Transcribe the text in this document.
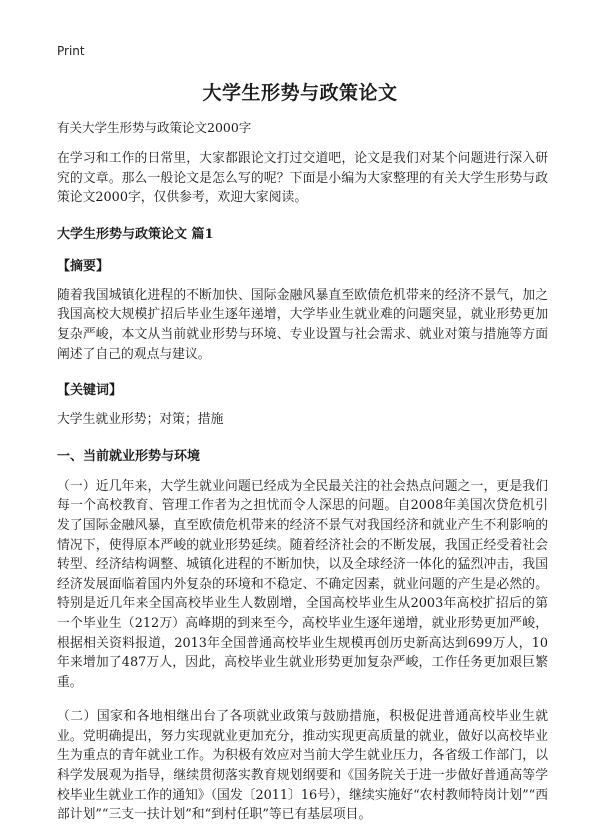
Print
大学生形势与政策论文
有关大学生形势与政策论文2000字

在学习和工作的日常里，大家都跟论文打过交道吧，论文是我们对某个问题进行深入研究的文章。那么一般论文是怎么写的呢？下面是小编为大家整理的有关大学生形势与政策论文2000字，仅供参考，欢迎大家阅读。

大学生形势与政策论文 篇1
【摘要】

随着我国城镇化进程的不断加快、国际金融风暴直至欧债危机带来的经济不景气，加之我国高校大规模扩招后毕业生逐年递增，大学毕业生就业难的问题突显，就业形势更加复杂严峻，本文从当前就业形势与环境、专业设置与社会需求、就业对策与措施等方面阐述了自己的观点与建议。

【关键词】

大学生就业形势；对策；措施

一、当前就业形势与环境

（一）近几年来，大学生就业问题已经成为全民最关注的社会热点问题之一，更是我们每一个高校教育、管理工作者为之担忧而令人深思的问题。自2008年美国次贷危机引发了国际金融风暴，直至欧债危机带来的经济不景气对我国经济和就业产生不利影响的情况下，使得原本严峻的就业形势延续。随着经济社会的不断发展，我国正经受着社会转型、经济结构调整、城镇化进程的不断加快，以及全球经济一体化的猛烈冲击，我国经济发展面临着国内外复杂的环境和不稳定、不确定因素，就业问题的产生是必然的。特别是近几年来全国高校毕业生人数剧增，全国高校毕业生从2003年高校扩招后的第一个毕业生（212万）高峰期的到来至今，高校毕业生逐年递增，就业形势更加严峻，根据相关资料报道，2013年全国普通高校毕业生规模再创历史新高达到699万人，10年来增加了487万人，因此，高校毕业生就业形势更加复杂严峻，工作任务更加艰巨繁重。

（二）国家和各地相继出台了各项就业政策与鼓励措施，积极促进普通高校毕业生就业。党明确提出，努力实现就业更加充分，推动实现更高质量的就业，做好以高校毕业生为重点的青年就业工作。为积极有效应对当前大学生就业压力，各省级工作部门，以科学发展观为指导，继续贯彻落实教育规划纲要和《国务院关于进一步做好普通高等学校毕业生就业工作的通知》（国发〔2011〕16号），继续实施好“农村教师特岗计划”“西部计划”“三支一扶计划”和“到村任职”等已有基层项目。
